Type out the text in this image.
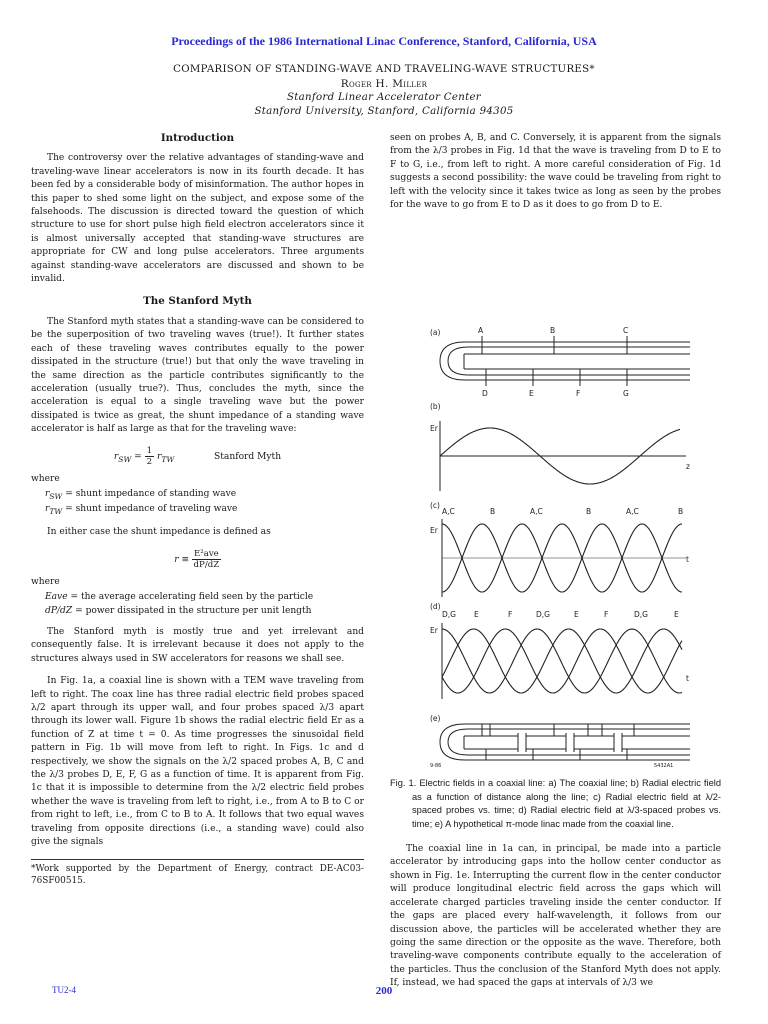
Proceedings of the 1986 International Linac Conference, Stanford, California, USA
COMPARISON OF STANDING-WAVE AND TRAVELING-WAVE STRUCTURES*
Roger H. Miller
Stanford Linear Accelerator Center
Stanford University, Stanford, California 94305
Introduction

The controversy over the relative advantages of standing-wave and traveling-wave linear accelerators is now in its fourth decade. It has been fed by a considerable body of misinformation. The author hopes in this paper to shed some light on the subject, and expose some of the falsehoods. The discussion is directed toward the question of which structure to use for short pulse high field electron accelerators since it is almost universally accepted that standing-wave structures are appropriate for CW and long pulse accelerators. Three arguments against standing-wave accelerators are discussed and shown to be invalid.

The Stanford Myth

The Stanford myth states that a standing-wave can be considered to be the superposition of two traveling waves (true!). It further states each of these traveling waves contributes equally to the power dissipated in the structure (true!) but that only the wave traveling in the same direction as the particle contributes significantly to the acceleration (usually true?). Thus, concludes the myth, since the acceleration is equal to a single traveling wave but the power dissipated is twice as great, the shunt impedance of a standing wave accelerator is half as large as that for the traveling wave:

$r_{SW} = \frac{1}{2} r_{TW}$	Stanford Myth

where

$r_{SW}$ = shunt impedance of standing wave
$r_{TW}$ = shunt impedance of traveling wave

In either case the shunt impedance is defined as

$r \equiv \frac{\text{E²ave}}{dP/dZ}$

where

Eave = the average accelerating field seen by the particle
dP/dZ = power dissipated in the structure per unit length

The Stanford myth is mostly true and yet irrelevant and consequently false. It is irrelevant because it does not apply to the structures always used in SW accelerators for reasons we shall see.

In Fig. 1a, a coaxial line is shown with a TEM wave traveling from left to right. The coax line has three radial electric field probes spaced λ/2 apart through its upper wall, and four probes spaced λ/3 apart through its lower wall. Figure 1b shows the radial electric field Er as a function of Z at time t = 0. As time progresses the sinusoidal field pattern in Fig. 1b will move from left to right. In Figs. 1c and d respectively, we show the signals on the λ/2 spaced probes A, B, C and the λ/3 probes D, E, F, G as a function of time. It is apparent from Fig. 1c that it is impossible to determine from the λ/2 electric field probes whether the wave is traveling from left to right, i.e., from A to B to C or from right to left, i.e., from C to B to A. It follows that two equal waves traveling from opposite directions (i.e., a standing wave) could also give the signals

*Work supported by the Department of Energy, contract DE-AC03-76SF00515.

seen on probes A, B, and C. Conversely, it is apparent from the signals from the λ/3 probes in Fig. 1d that the wave is traveling from D to E to F to G, i.e., from left to right. A more careful consideration of Fig. 1d suggests a second possibility: the wave could be traveling from right to left with the velocity since it takes twice as long as seen by the probes for the wave to go from E to D as it does to go from D to E.

(a)	A	B	C
D	E	F	G
(b)
Er
z
(c)
A,C	B	A,C	B	A,C	B
Er
t
(d)
D,G E	F	D,G	E	F	D,G	E
Er
t
(e)
9-86	5432A1
Fig. 1. Electric fields in a coaxial line: a) The coaxial line; b) Radial electric field as a function of distance along the line; c) Radial electric field at λ/2-spaced probes vs. time; d) Radial electric field at λ/3-spaced probes vs. time; e) A hypothetical π-mode linac made from the coaxial line.

The coaxial line in 1a can, in principal, be made into a particle accelerator by introducing gaps into the hollow center conductor as shown in Fig. 1e. Interrupting the current flow in the center conductor will produce longitudinal electric field across the gaps which will accelerate charged particles traveling inside the center conductor. If the gaps are placed every half-wavelength, it follows from our discussion above, the particles will be accelerated whether they are going the same direction or the opposite as the wave. Therefore, both traveling-wave components contribute equally to the acceleration of the particles. Thus the conclusion of the Stanford Myth does not apply. If, instead, we had spaced the gaps at intervals of λ/3 we

TU2-4	200
